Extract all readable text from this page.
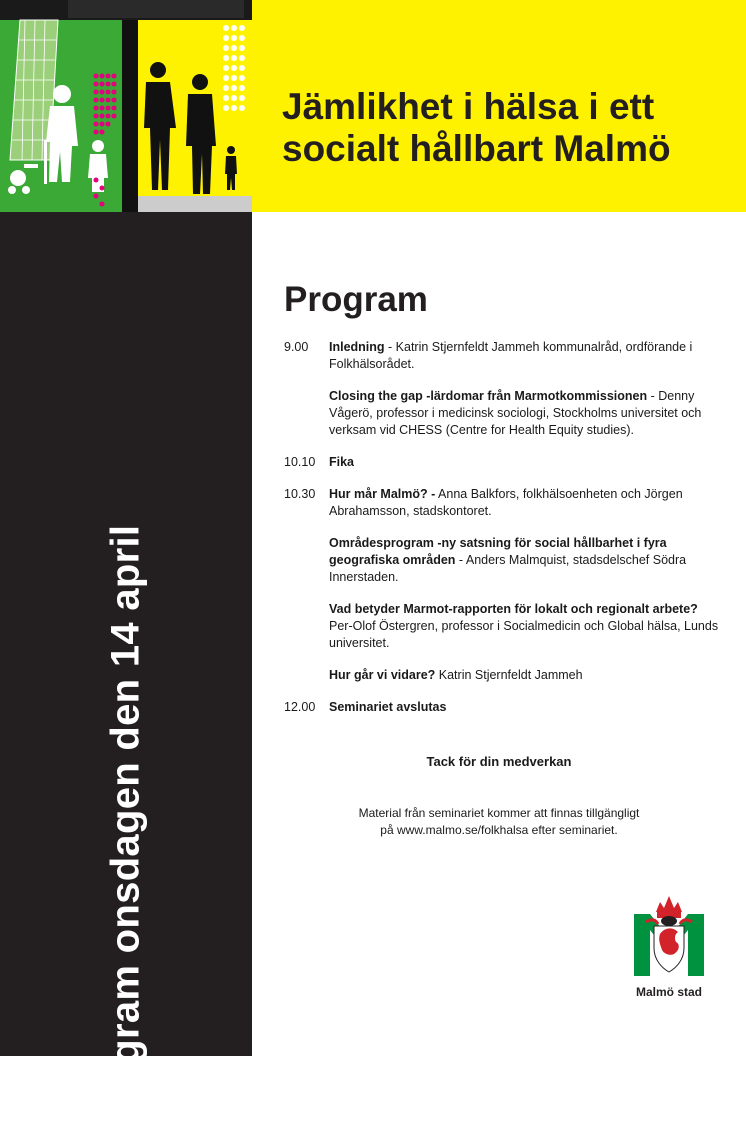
Jämlikhet i hälsa i ett
socialt hållbart Malmö
Program onsdagen den 14 april
Program
9.00	Inledning - Katrin Stjernfeldt Jammeh kommunalråd, ordförande i Folkhälsorådet.
Closing the gap -lärdomar från Marmotkommissionen - Denny Vågerö, professor i medicinsk sociologi, Stockholms universitet och verksam vid CHESS (Centre for Health Equity studies).
10.10	Fika
10.30	Hur mår Malmö? - Anna Balkfors, folkhälsoenheten och Jörgen Abrahamsson, stadskontoret.
Områdesprogram -ny satsning för social hållbarhet i fyra geografiska områden - Anders Malmquist, stadsdelschef Södra Innerstaden.
Vad betyder Marmot-rapporten för lokalt och regionalt arbete? Per-Olof Östergren, professor i Socialmedicin och Global hälsa, Lunds universitet.
Hur går vi vidare? Katrin Stjernfeldt Jammeh
12.00	Seminariet avslutas
Tack för din medverkan
Material från seminariet kommer att finnas tillgängligt
på www.malmo.se/folkhalsa efter seminariet.
Malmö stad
